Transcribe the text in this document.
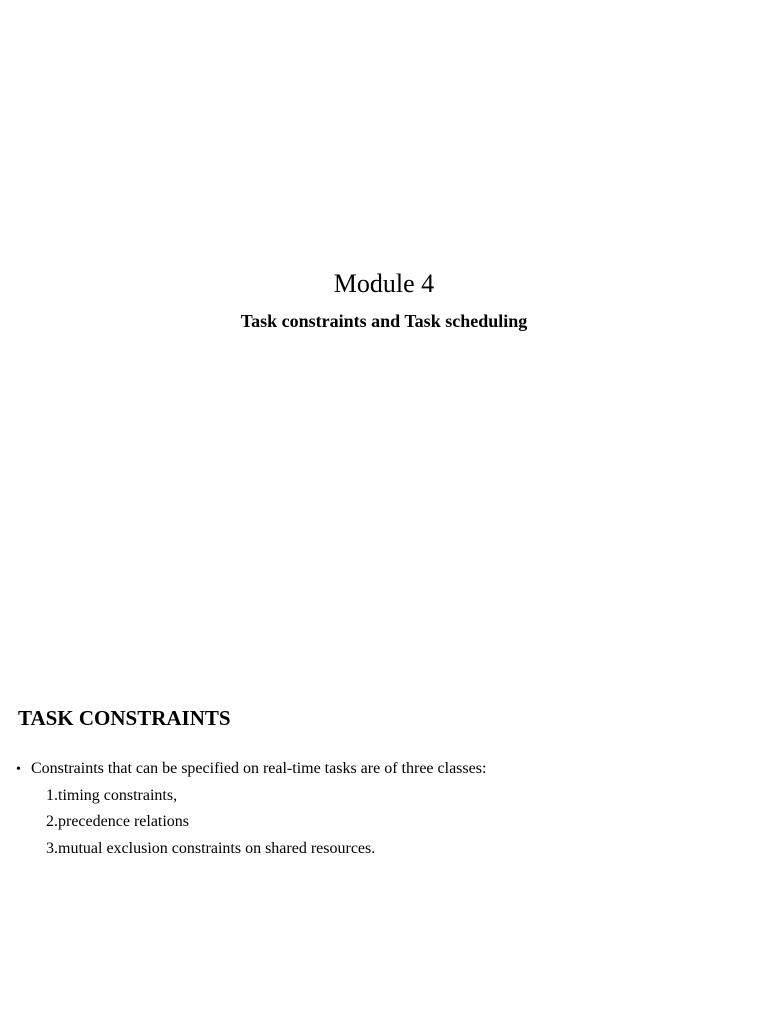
Module 4
Task constraints and Task scheduling
TASK CONSTRAINTS
• Constraints that can be specified on real-time tasks are of three classes:
1.timing constraints,
2.precedence relations
3.mutual exclusion constraints on shared resources.
